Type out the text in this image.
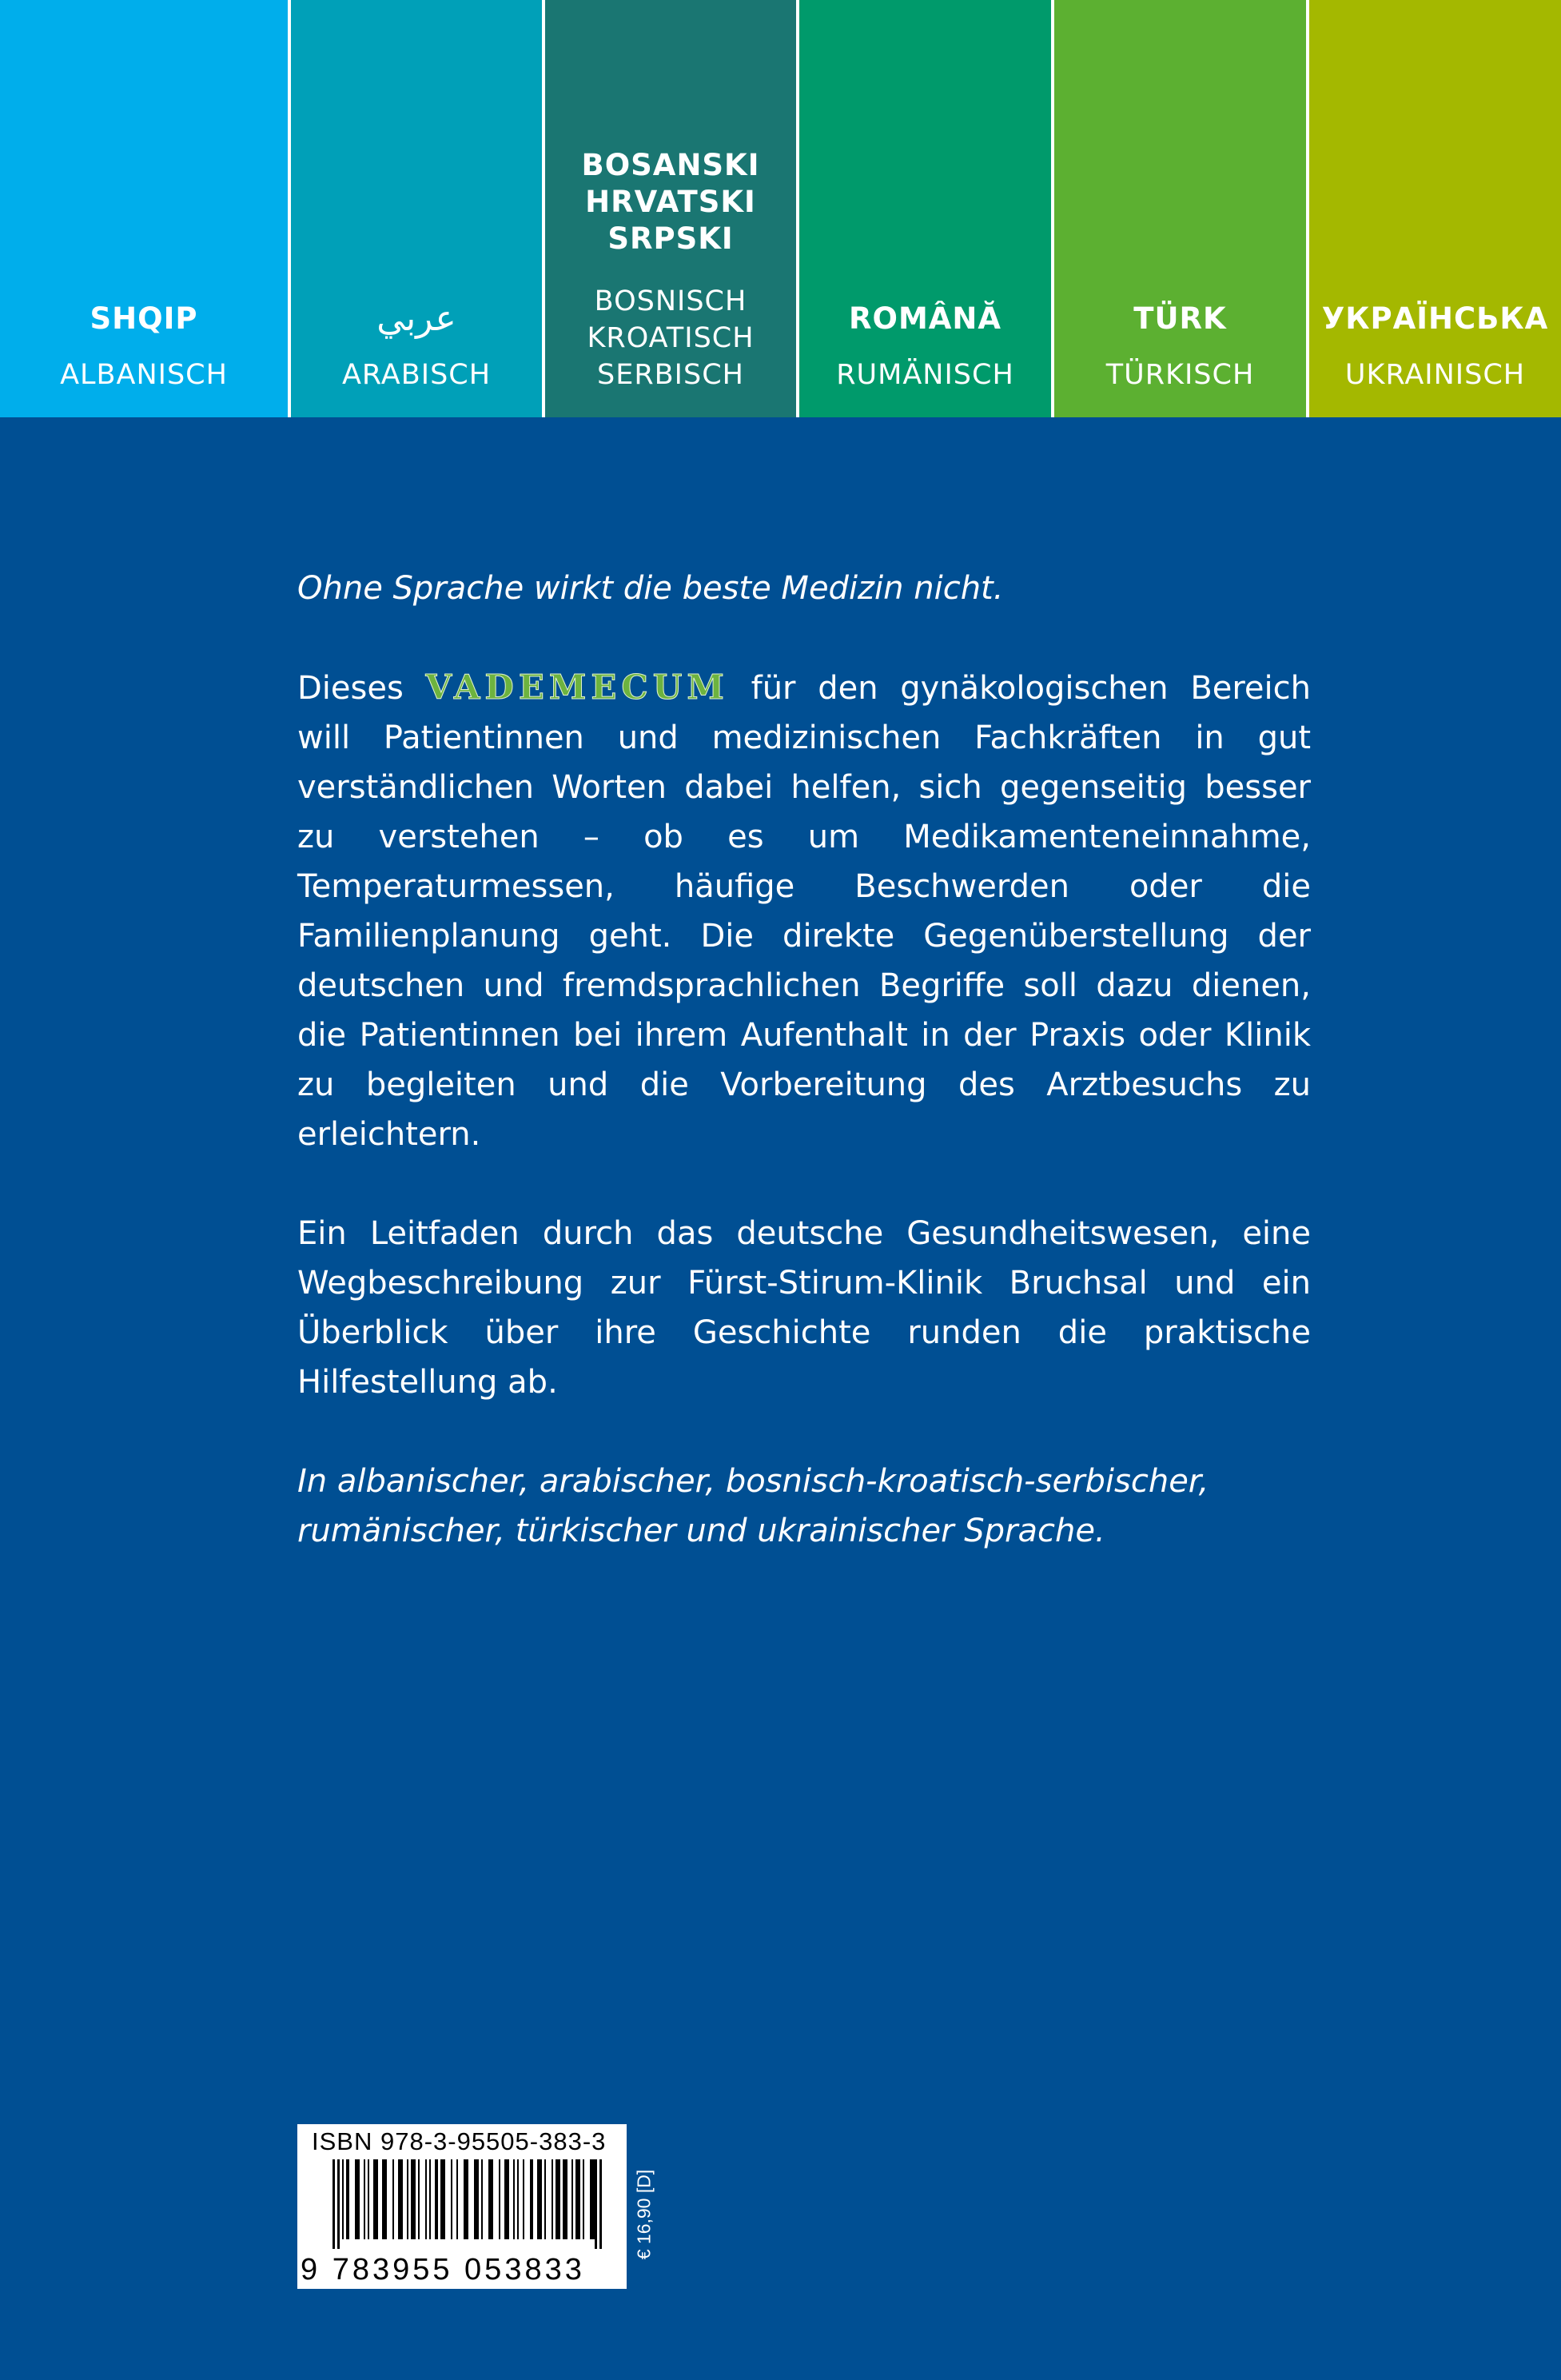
SHQIP
ALBANISCH
عربي
ARABISCH
BOSANSKI
HRVATSKI
SRPSKI
BOSNISCH
KROATISCH
SERBISCH
ROMÂNĂ
RUMÄNISCH
TÜRK
TÜRKISCH
УКРАЇНСЬКА
UKRAINISCH

Ohne Sprache wirkt die beste Medizin nicht.

Dieses VADEMECUM für den gynäkologischen Bereich will Patientinnen und medizinischen Fachkräften in gut verständlichen Worten dabei helfen, sich gegenseitig besser zu verstehen – ob es um Medikamenteneinnahme, Temperaturmessen, häufige Beschwerden oder die Familienplanung geht. Die direkte Gegenüberstellung der deutschen und fremdsprachlichen Begriffe soll dazu dienen, die Patientinnen bei ihrem Aufenthalt in der Praxis oder Klinik zu begleiten und die Vorbereitung des Arztbesuchs zu erleichtern.

Ein Leitfaden durch das deutsche Gesundheitswesen, eine Wegbeschreibung zur Fürst-Stirum-Klinik Bruchsal und ein Überblick über ihre Geschichte runden die praktische Hilfestellung ab.

In albanischer, arabischer, bosnisch-kroatisch-serbischer, rumänischer, türkischer und ukrainischer Sprache.

ISBN 978-3-95505-383-3
9 783955 053833
€ 16,90 [D]
